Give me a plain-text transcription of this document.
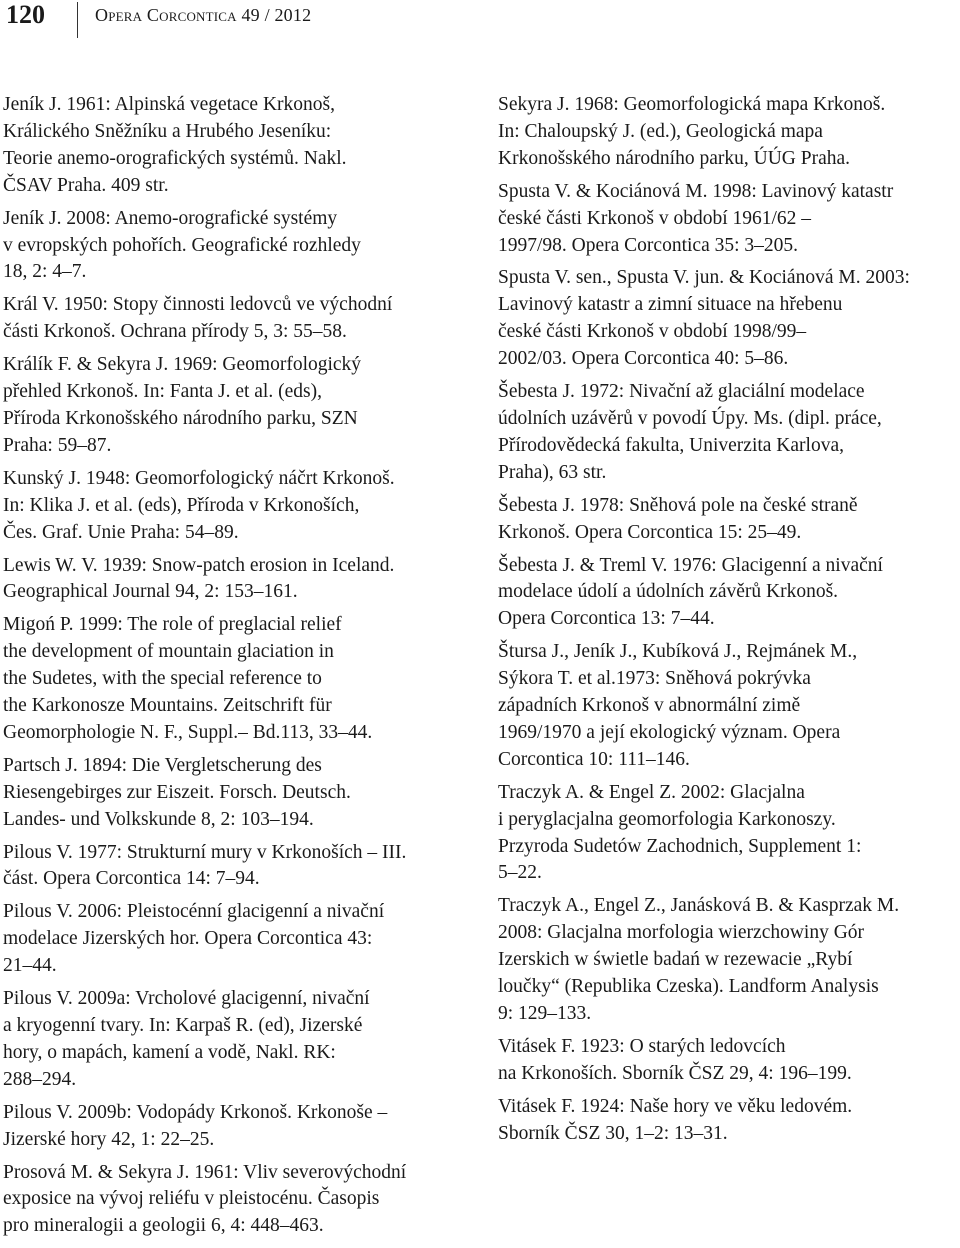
120	Opera Corcontica 49 / 2012
Jeník J. 1961: Alpinská vegetace Krkonoš,
Králického Sněžníku a Hrubého Jeseníku:
Teorie anemo-orografických systémů. Nakl.
ČSAV Praha. 409 str.
Jeník J. 2008: Anemo-orografické systémy
v evropských pohořích. Geografické rozhledy
18, 2: 4–7.
Král V. 1950: Stopy činnosti ledovců ve východní
části Krkonoš. Ochrana přírody 5, 3: 55–58.
Králík F. & Sekyra J. 1969: Geomorfologický
přehled Krkonoš. In: Fanta J. et al. (eds),
Příroda Krkonošského národního parku, SZN
Praha: 59–87.
Kunský J. 1948: Geomorfologický náčrt Krkonoš.
In: Klika J. et al. (eds), Příroda v Krkonoších,
Čes. Graf. Unie Praha: 54–89.
Lewis W. V. 1939: Snow-patch erosion in Iceland.
Geographical Journal 94, 2: 153–161.
Migoń P. 1999: The role of preglacial relief
the development of mountain glaciation in
the Sudetes, with the special reference to
the Karkonosze Mountains. Zeitschrift für
Geomorphologie N. F., Suppl.– Bd.113, 33–44.
Partsch J. 1894: Die Vergletscherung des
Riesengebirges zur Eiszeit. Forsch. Deutsch.
Landes- und Volkskunde 8, 2: 103–194.
Pilous V. 1977: Strukturní mury v Krkonoších – III.
část. Opera Corcontica 14: 7–94.
Pilous V. 2006: Pleistocénní glacigenní a nivační
modelace Jizerských hor. Opera Corcontica 43:
21–44.
Pilous V. 2009a: Vrcholové glacigenní, nivační
a kryogenní tvary. In: Karpaš R. (ed), Jizerské
hory, o mapách, kamení a vodě, Nakl. RK:
288–294.
Pilous V. 2009b: Vodopády Krkonoš. Krkonoše –
Jizerské hory 42, 1: 22–25.
Prosová M. & Sekyra J. 1961: Vliv severovýchodní
exposice na vývoj reliéfu v pleistocénu. Časopis
pro mineralogii a geologii 6, 4: 448–463.
Sekyra J. 1968: Geomorfologická mapa Krkonoš.
In: Chaloupský J. (ed.), Geologická mapa
Krkonošského národního parku, ÚÚG Praha.
Spusta V. & Kociánová M. 1998: Lavinový katastr
české části Krkonoš v období 1961/62 –
1997/98. Opera Corcontica 35: 3–205.
Spusta V. sen., Spusta V. jun. & Kociánová M. 2003:
Lavinový katastr a zimní situace na hřebenu
české části Krkonoš v období 1998/99–
2002/03. Opera Corcontica 40: 5–86.
Šebesta J. 1972: Nivační až glaciální modelace
údolních uzávěrů v povodí Úpy. Ms. (dipl. práce,
Přírodovědecká fakulta, Univerzita Karlova,
Praha), 63 str.
Šebesta J. 1978: Sněhová pole na české straně
Krkonoš. Opera Corcontica 15: 25–49.
Šebesta J. & Treml V. 1976: Glacigenní a nivační
modelace údolí a údolních závěrů Krkonoš.
Opera Corcontica 13: 7–44.
Štursa J., Jeník J., Kubíková J., Rejmánek M.,
Sýkora T. et al.1973: Sněhová pokrývka
západních Krkonoš v abnormální zimě
1969/1970 a její ekologický význam. Opera
Corcontica 10: 111–146.
Traczyk A. & Engel Z. 2002: Glacjalna
i peryglacjalna geomorfologia Karkonoszy.
Przyroda Sudetów Zachodnich, Supplement 1:
5–22.
Traczyk A., Engel Z., Janásková B. & Kasprzak M.
2008: Glacjalna morfologia wierzchowiny Gór
Izerskich w świetle badań w rezewacie „Rybí
loučky“ (Republika Czeska). Landform Analysis
9: 129–133.
Vitásek F. 1923: O starých ledovcích
na Krkonoších. Sborník ČSZ 29, 4: 196–199.
Vitásek F. 1924: Naše hory ve věku ledovém.
Sborník ČSZ 30, 1–2: 13–31.
